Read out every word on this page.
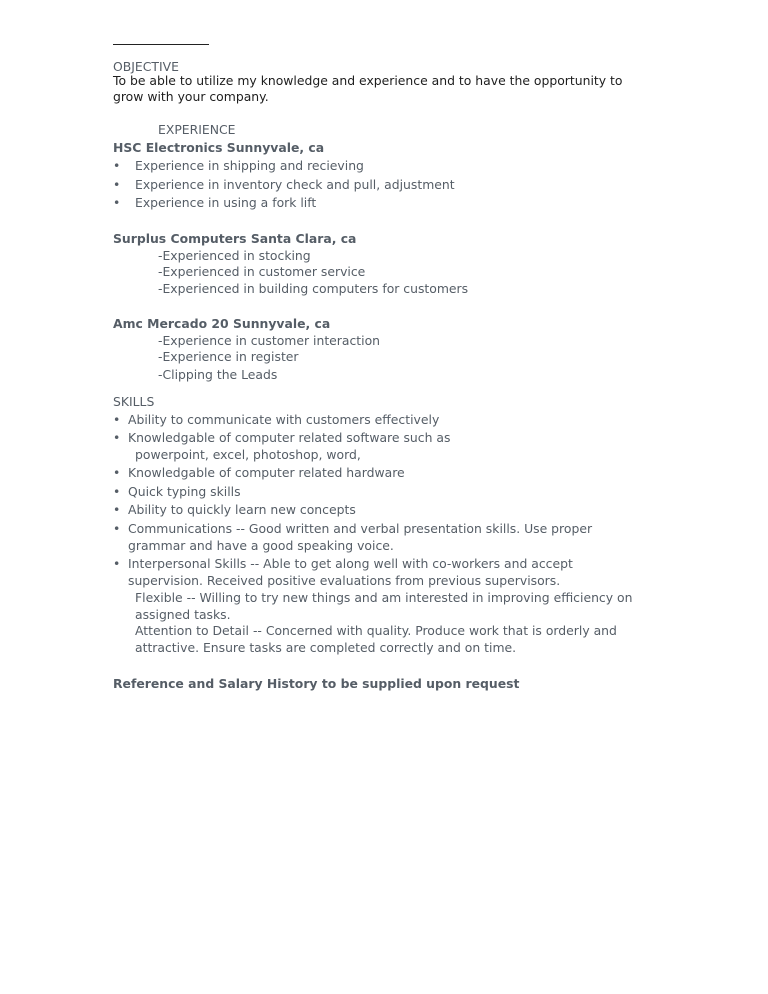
OBJECTIVE
To be able to utilize my knowledge and experience and to have the opportunity to
grow with your company.
EXPERIENCE
HSC Electronics Sunnyvale, ca
• Experience in shipping and recieving
• Experience in inventory check and pull, adjustment
• Experience in using a fork lift
Surplus Computers Santa Clara, ca
-Experienced in stocking
-Experienced in customer service
-Experienced in building computers for customers
Amc Mercado 20 Sunnyvale, ca
-Experience in customer interaction
-Experience in register
-Clipping the Leads
SKILLS
• Ability to communicate with customers effectively
• Knowledgable of computer related software such as
powerpoint, excel, photoshop, word,
• Knowledgable of computer related hardware
• Quick typing skills
• Ability to quickly learn new concepts
• Communications -- Good written and verbal presentation skills. Use proper
grammar and have a good speaking voice.
• Interpersonal Skills -- Able to get along well with co-workers and accept
supervision. Received positive evaluations from previous supervisors.
Flexible -- Willing to try new things and am interested in improving efficiency on
assigned tasks.
Attention to Detail -- Concerned with quality. Produce work that is orderly and
attractive. Ensure tasks are completed correctly and on time.
Reference and Salary History to be supplied upon request
